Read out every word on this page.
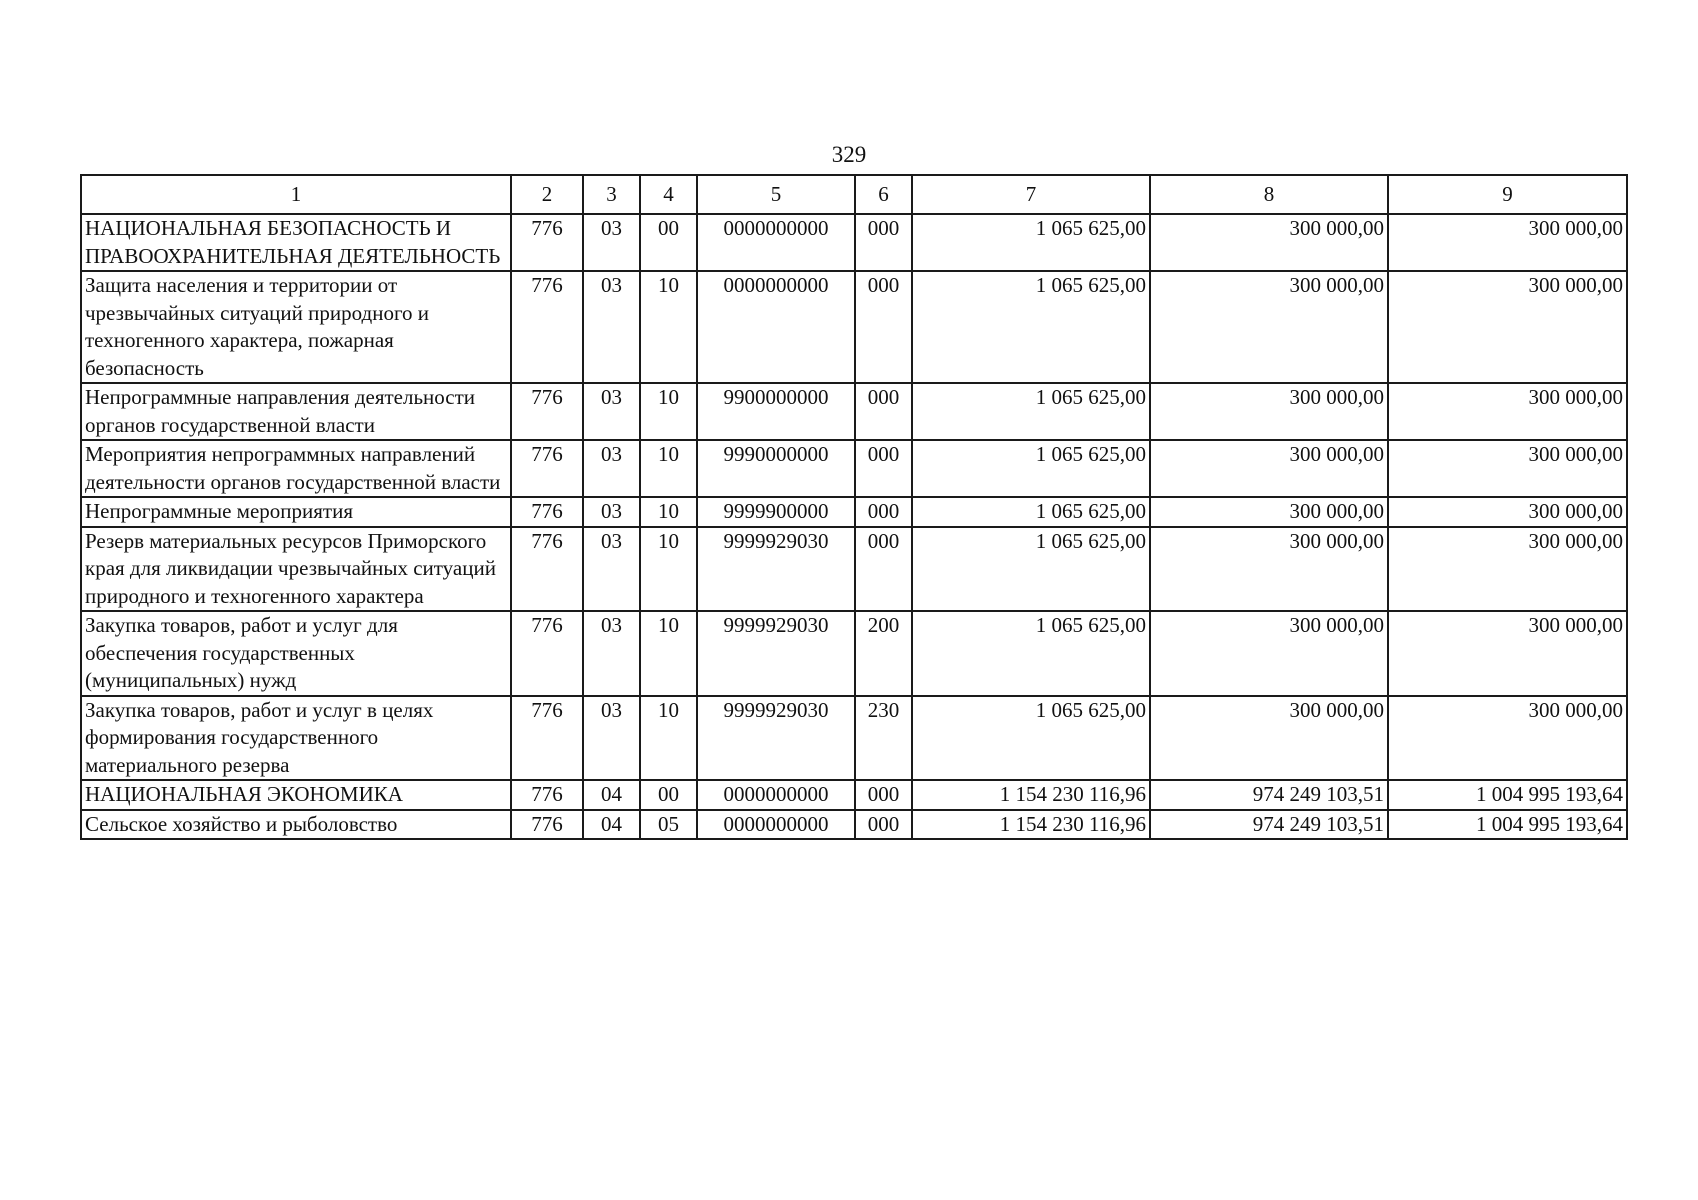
329
1	2	3	4	5	6	7	8	9
НАЦИОНАЛЬНАЯ БЕЗОПАСНОСТЬ И ПРАВООХРАНИТЕЛЬНАЯ ДЕЯТЕЛЬНОСТЬ	776	03	00	0000000000	000	1 065 625,00	300 000,00	300 000,00
Защита населения и территории от чрезвычайных ситуаций природного и техногенного характера, пожарная безопасность	776	03	10	0000000000	000	1 065 625,00	300 000,00	300 000,00
Непрограммные направления деятельности органов государственной власти	776	03	10	9900000000	000	1 065 625,00	300 000,00	300 000,00
Мероприятия непрограммных направлений деятельности органов государственной власти	776	03	10	9990000000	000	1 065 625,00	300 000,00	300 000,00
Непрограммные мероприятия	776	03	10	9999900000	000	1 065 625,00	300 000,00	300 000,00
Резерв материальных ресурсов Приморского края для ликвидации чрезвычайных ситуаций природного и техногенного характера	776	03	10	9999929030	000	1 065 625,00	300 000,00	300 000,00
Закупка товаров, работ и услуг для обеспечения государственных (муниципальных) нужд	776	03	10	9999929030	200	1 065 625,00	300 000,00	300 000,00
Закупка товаров, работ и услуг в целях формирования государственного материального резерва	776	03	10	9999929030	230	1 065 625,00	300 000,00	300 000,00
НАЦИОНАЛЬНАЯ ЭКОНОМИКА	776	04	00	0000000000	000	1 154 230 116,96	974 249 103,51	1 004 995 193,64
Сельское хозяйство и рыболовство	776	04	05	0000000000	000	1 154 230 116,96	974 249 103,51	1 004 995 193,64
